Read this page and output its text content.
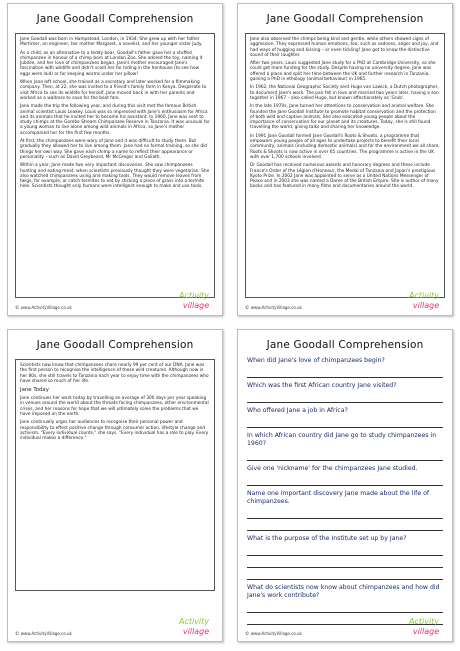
Jane Goodall Comprehension

Jane Goodall was born in Hampstead, London, in 1934. She grew up with her father Mortimer, an engineer, her mother Margaret, a novelist, and her younger sister Judy.

As a child, as an alternative to a teddy bear, Goodall's father gave her a stuffed chimpanzee in honour of a chimp born at London Zoo. She adored the toy, naming it Jubilee, and her love of chimpanzees began. Jane's mother encouraged Jane's fascination with wildlife and didn't scold her for hiding in the henhouse (to see how eggs were laid) or for keeping worms under her pillow!

When Jane left school, she trained as a secretary and later worked for a filmmaking company. Then, at 22, she was invited to a friend's family farm in Kenya. Desperate to visit Africa to see its wildlife for herself, Jane moved back in with her parents and worked as a waitress to save for the boat fare.

Jane made the trip the following year, and during this visit met the famous British animal scientist Louis Leakey. Louis was so impressed with Jane's enthusiasm for Africa and its animals that he invited her to become his assistant. In 1960, Jane was sent to study chimps at the Gombe Stream Chimpanzee Reserve in Tanzania. It was unusual for a young woman to live alone among wild animals in Africa, so Jane's mother accompanied her for the first few months.

At first, the chimpanzees were wary of Jane and it was difficult to study them. But gradually they allowed her to live among them. Jane had no formal training, so she did things her own way. She gave each chimp a name to reflect their appearance or personality – such as David Greybeard, Mr McGregor and Goliath.

Within a year, Jane made two very important discoveries. She saw chimpanzees hunting and eating meat, when scientists previously thought they were vegetarian. She also watched chimpanzees using and making tools. They would remove leaves from twigs, for example, or catch termites to eat by sticking a piece of grass into a termite hole. Scientists thought only humans were intelligent enough to make and use tools.

© www.ActivityVillage.co.uk
Activity
village
Jane Goodall Comprehension

Jane also observed the chimps being kind and gentle, while others showed signs of aggression. They expressed human emotions, too, such as sadness, anger and joy, and had ways of hugging and kissing – or even tickling! Jane got to know the distinctive sound of their laughter.

After two years, Louis suggested Jane study for a PhD at Cambridge University, so she could get more funding for the study. Despite having no university degree, Jane was offered a place and split her time between the UK and further research in Tanzania, gaining a PhD in ethology (animal behaviour) in 1965.

In 1962, the National Geographic Society sent Hugo van Lawick, a Dutch photographer, to document Jane's work. The pair fell in love and married two years later, having a son together in 1967 – also called Hugo, but known affectionately as 'Grub'.

In the late 1970s, Jane turned her attentions to conservation and animal welfare. She founded the Jane Goodall Institute to promote habitat conservation and the protection of both wild and captive animals. She also educated young people about the importance of conservation for our planet and its creatures. Today, she is still found travelling the world, giving talks and sharing her knowledge.

In 1991 Jane Goodall formed Jane Goodall's Roots & Shoots, a programme that empowers young people of all ages to undertake projects to benefit their local community, animals (including domestic animals) and for the environment we all share. Roots & Shoots is now active in over 65 countries. The programme is active in the UK with over 1,700 schools involved.

Dr Goodall has received numerous awards and honorary degrees and these include France's Order of the Légion d'Honneur, the Medal of Tanzania and Japan's prestigious Kyoto Prize. In 2002 Jane was appointed to serve as a United Nations Messenger of Peace and in 2003 she was named a Dame of the British Empire. She is author of many books and has featured in many films and documentaries around the world.

© www.ActivityVillage.co.uk
Activity
village
Jane Goodall Comprehension

Scientists now know that chimpanzees share nearly 99 per cent of our DNA. Jane was the first person to recognise the intelligence of these wild creatures. Although now in her 80s, she still travels to Tanzania each year to enjoy time with the chimpanzees who have shared so much of her life.

Jane Today

Jane continues her work today by travelling an average of 300 days per year speaking in venues around the world about the threats facing chimpanzees, other environmental crises, and her reasons for hope that we will ultimately solve the problems that we have imposed on the earth.

Jane continually urges her audiences to recognise their personal power and responsibility to effect positive change through consumer action, lifestyle change and activism. "Every individual counts," she says. "Every individual has a role to play. Every individual makes a difference."

© www.ActivityVillage.co.uk
Activity
village
Jane Goodall Comprehension

When did Jane's love of chimpanzees begin?

Which was the first African country Jane visited?

Who offered Jane a job in Africa?

In which African country did Jane go to study chimpanzees in 1960?

Give one 'nickname' for the chimpanzees Jane studied.

Name one important discovery Jane made about the life of chimpanzees.

What is the purpose of the Institute set up by Jane?

What do scientists now know about chimpanzees and how did Jane's work contribute?

© www.ActivityVillage.co.uk
Activity
village
